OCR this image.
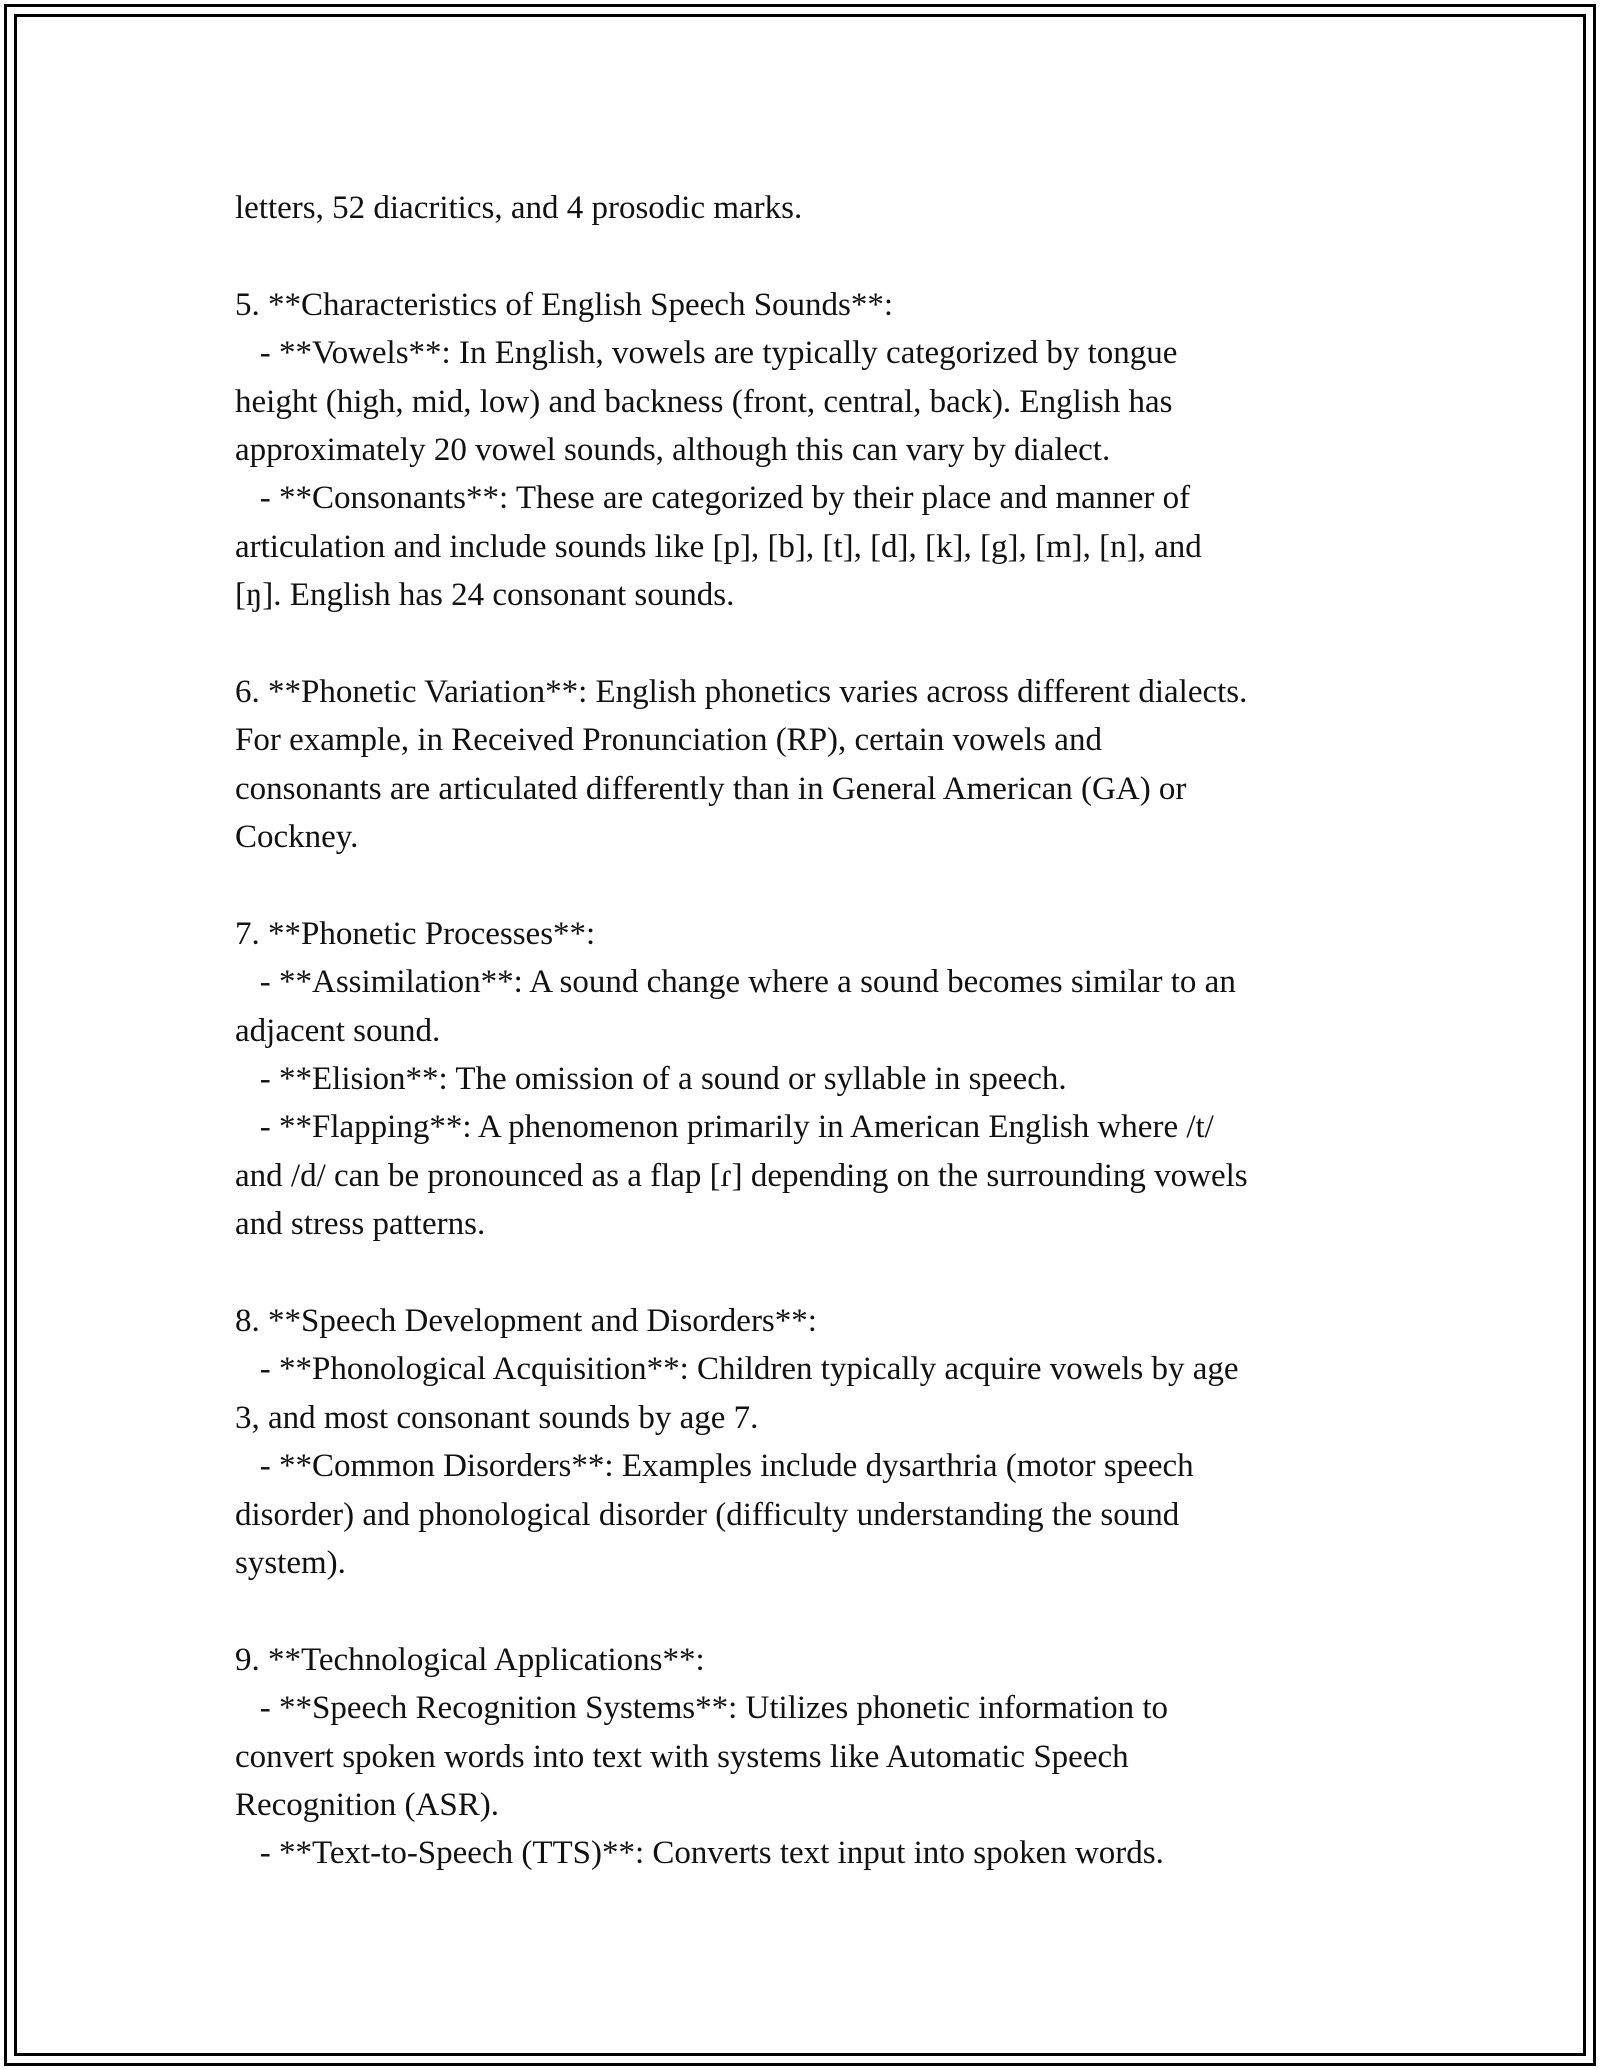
letters, 52 diacritics, and 4 prosodic marks.
5. **Characteristics of English Speech Sounds**:
- **Vowels**: In English, vowels are typically categorized by tongue
height (high, mid, low) and backness (front, central, back). English has
approximately 20 vowel sounds, although this can vary by dialect.
- **Consonants**: These are categorized by their place and manner of
articulation and include sounds like [p], [b], [t], [d], [k], [g], [m], [n], and
[ŋ]. English has 24 consonant sounds.
6. **Phonetic Variation**: English phonetics varies across different dialects.
For example, in Received Pronunciation (RP), certain vowels and
consonants are articulated differently than in General American (GA) or
Cockney.
7. **Phonetic Processes**:
- **Assimilation**: A sound change where a sound becomes similar to an
adjacent sound.
- **Elision**: The omission of a sound or syllable in speech.
- **Flapping**: A phenomenon primarily in American English where /t/
and /d/ can be pronounced as a flap [ɾ] depending on the surrounding vowels
and stress patterns.
8. **Speech Development and Disorders**:
- **Phonological Acquisition**: Children typically acquire vowels by age
3, and most consonant sounds by age 7.
- **Common Disorders**: Examples include dysarthria (motor speech
disorder) and phonological disorder (difficulty understanding the sound
system).
9. **Technological Applications**:
- **Speech Recognition Systems**: Utilizes phonetic information to
convert spoken words into text with systems like Automatic Speech
Recognition (ASR).
- **Text-to-Speech (TTS)**: Converts text input into spoken words.
